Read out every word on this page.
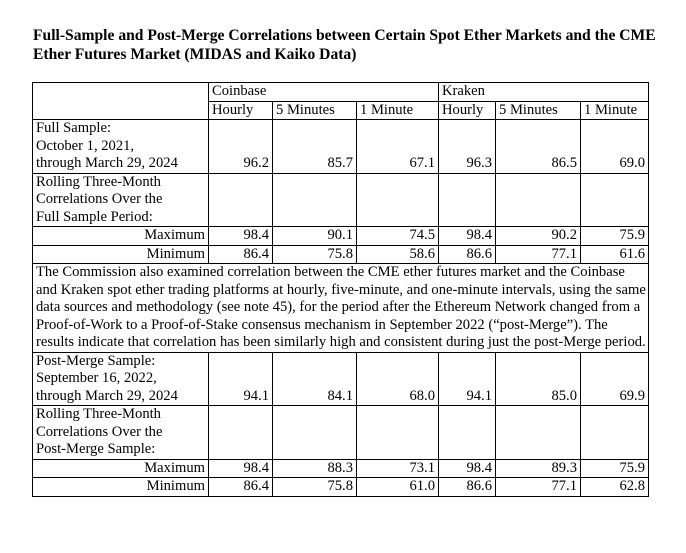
Full-Sample and Post-Merge Correlations between Certain Spot Ether Markets and the CME Ether Futures Market (MIDAS and Kaiko Data)
	Coinbase			Kraken		
	Hourly	5 Minutes	1 Minute	Hourly	5 Minutes	1 Minute

Full Sample:
October 1, 2021,
through March 29, 2024	96.2	85.7	67.1	96.3	86.5	69.0

Rolling Three-Month
Correlations Over the
Full Sample Period:						

Maximum	98.4	90.1	74.5	98.4	90.2	75.9
Minimum	86.4	75.8	58.6	86.6	77.1	61.6
The Commission also examined correlation between the CME ether futures market and the Coinbase and Kraken spot ether trading platforms at hourly, five-minute, and one-minute intervals, using the same data sources and methodology (see note 45), for the period after the Ethereum Network changed from a Proof-of-Work to a Proof-of-Stake consensus mechanism in September 2022 (“post-Merge”). The results indicate that correlation has been similarly high and consistent during just the post-Merge period.						

Post-Merge Sample:
September 16, 2022,
through March 29, 2024	94.1	84.1	68.0	94.1	85.0	69.9

Rolling Three-Month
Correlations Over the
Post-Merge Sample:						

Maximum	98.4	88.3	73.1	98.4	89.3	75.9
Minimum	86.4	75.8	61.0	86.6	77.1	62.8
